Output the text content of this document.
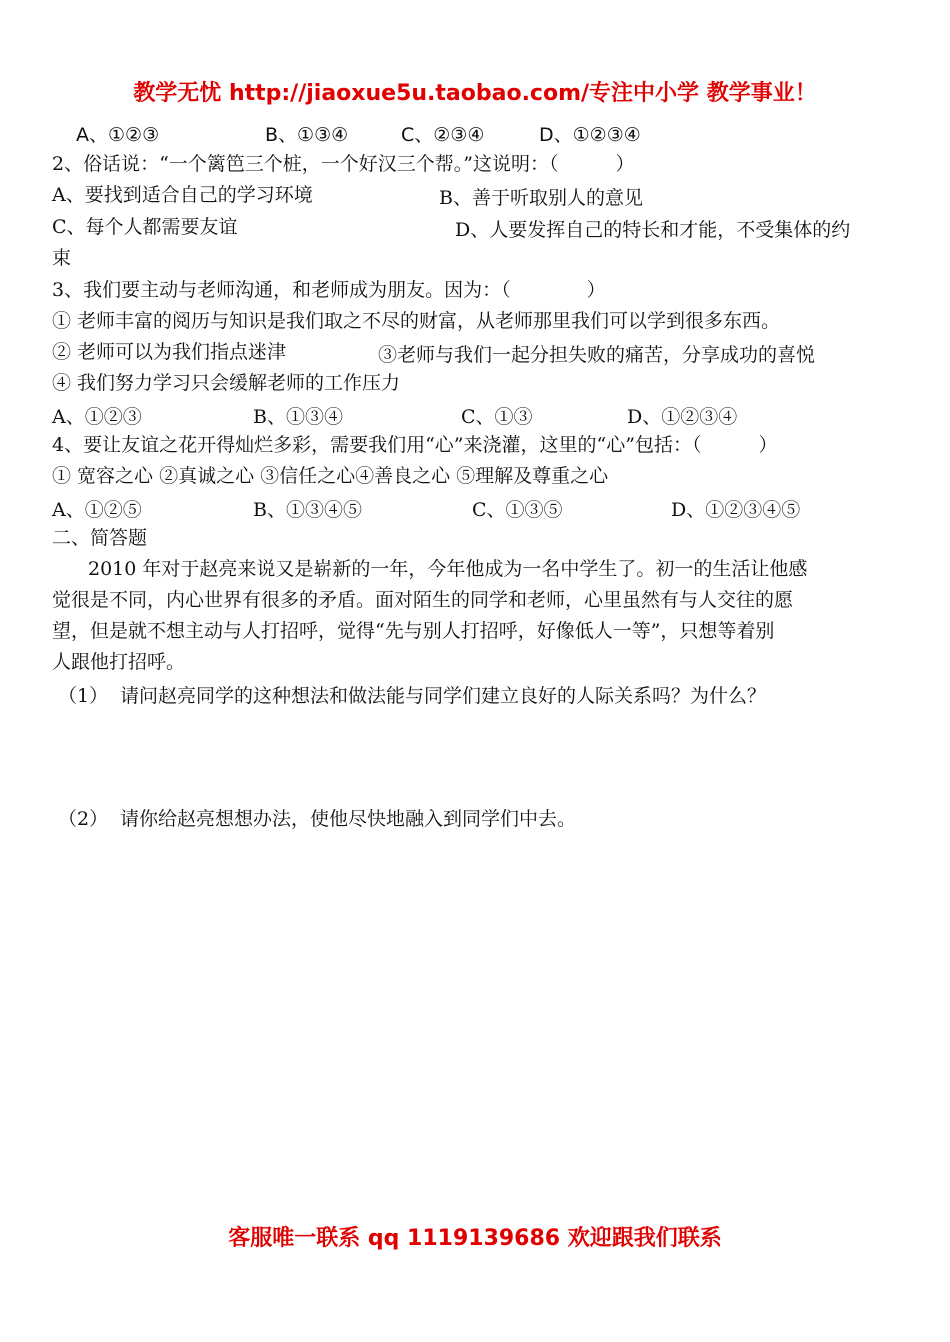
教学无忧 http://jiaoxue5u.taobao.com/专注中小学 教学事业！
A、①②③	B、①③④	C、②③④	D、①②③④
2、俗话说：“一个篱笆三个桩，一个好汉三个帮。”这说明：（　　　）
A、要找到适合自己的学习环境	B、善于听取别人的意见
C、每个人都需要友谊	D、人要发挥自己的特长和才能，不受集体的约
束
3、我们要主动与老师沟通，和老师成为朋友。因为：（　　　　）
① 老师丰富的阅历与知识是我们取之不尽的财富，从老师那里我们可以学到很多东西。
② 老师可以为我们指点迷津	③老师与我们一起分担失败的痛苦，分享成功的喜悦
④ 我们努力学习只会缓解老师的工作压力
A、①②③	B、①③④	C、①③	D、①②③④
4、要让友谊之花开得灿烂多彩，需要我们用“心”来浇灌，这里的“心”包括：（　　　）
① 宽容之心 ②真诚之心 ③信任之心④善良之心 ⑤理解及尊重之心
A、①②⑤	B、①③④⑤	C、①③⑤	D、①②③④⑤
二、简答题
2010 年对于赵亮来说又是崭新的一年，今年他成为一名中学生了。初一的生活让他感
觉很是不同，内心世界有很多的矛盾。面对陌生的同学和老师，心里虽然有与人交往的愿
望，但是就不想主动与人打招呼，觉得“先与别人打招呼，好像低人一等”，只想等着别
人跟他打招呼。
（1） 请问赵亮同学的这种想法和做法能与同学们建立良好的人际关系吗？为什么？
（2） 请你给赵亮想想办法，使他尽快地融入到同学们中去。
客服唯一联系 qq 1119139686 欢迎跟我们联系
